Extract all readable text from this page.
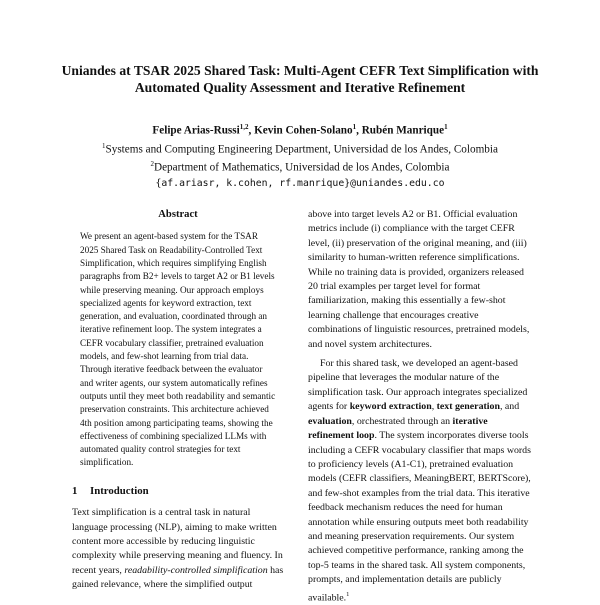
Uniandes at TSAR 2025 Shared Task: Multi-Agent CEFR Text Simplification with Automated Quality Assessment and Iterative Refinement
Felipe Arias-Russi$^{1,2}$, Kevin Cohen-Solano$^1$, Rubén Manrique$^1$
$^1$Systems and Computing Engineering Department, Universidad de los Andes, Colombia
$^2$Department of Mathematics, Universidad de los Andes, Colombia
{af.ariasr, k.cohen, rf.manrique}@uniandes.edu.co
Abstract

We present an agent-based system for the TSAR 2025 Shared Task on Readability-Controlled Text Simplification, which requires simplifying English paragraphs from B2+ levels to target A2 or B1 levels while preserving meaning. Our approach employs specialized agents for keyword extraction, text generation, and evaluation, coordinated through an iterative refinement loop. The system integrates a CEFR vocabulary classifier, pretrained evaluation models, and few-shot learning from trial data. Through iterative feedback between the evaluator and writer agents, our system automatically refines outputs until they meet both readability and semantic preservation constraints. This architecture achieved 4th position among participating teams, showing the effectiveness of combining specialized LLMs with automated quality control strategies for text simplification.

1 Introduction

Text simplification is a central task in natural language processing (NLP), aiming to make written content more accessible by reducing linguistic complexity while preserving meaning and fluency. In recent years, readability-controlled simplification has gained relevance, where the simplified output

above into target levels A2 or B1. Official evaluation metrics include (i) compliance with the target CEFR level, (ii) preservation of the original meaning, and (iii) similarity to human-written reference simplifications. While no training data is provided, organizers released 20 trial examples per target level for format familiarization, making this essentially a few-shot learning challenge that encourages creative combinations of linguistic resources, pretrained models, and novel system architectures.

For this shared task, we developed an agent-based pipeline that leverages the modular nature of the simplification task. Our approach integrates specialized agents for keyword extraction, text generation, and evaluation, orchestrated through an iterative refinement loop. The system incorporates diverse tools including a CEFR vocabulary classifier that maps words to proficiency levels (A1-C1), pretrained evaluation models (CEFR classifiers, MeaningBERT, BERTScore), and few-shot examples from the trial data. This iterative feedback mechanism reduces the need for human annotation while ensuring outputs meet both readability and meaning preservation requirements. Our system achieved competitive performance, ranking among the top-5 teams in the shared task. All system components, prompts, and implementation details are publicly available.$^1$
